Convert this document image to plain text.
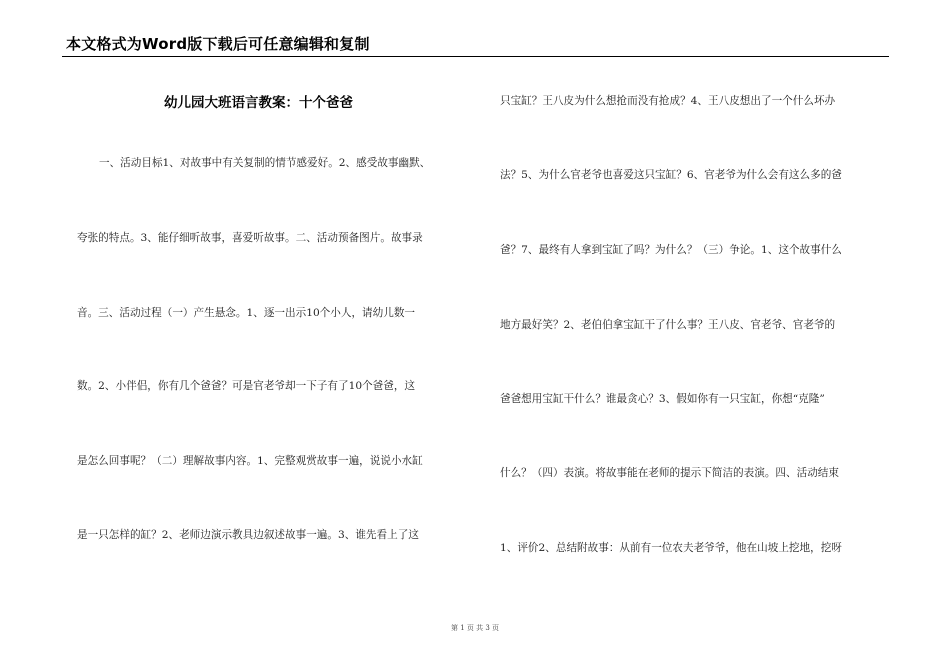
本文格式为Word版下载后可任意编辑和复制
幼儿园大班语言教案：十个爸爸
一、活动目标1、对故事中有关复制的情节感爱好。2、感受故事幽默、
夸张的特点。3、能仔细听故事，喜爱听故事。二、活动预备图片。故事录
音。三、活动过程（一）产生悬念。1、逐一出示10个小人，请幼儿数一
数。2、小伴侣，你有几个爸爸？可是官老爷却一下子有了10个爸爸，这
是怎么回事呢？（二）理解故事内容。1、完整观赏故事一遍，说说小水缸
是一只怎样的缸？2、老师边演示教具边叙述故事一遍。3、谁先看上了这
只宝缸？王八皮为什么想抢而没有抢成？4、王八皮想出了一个什么坏办
法？5、为什么官老爷也喜爱这只宝缸？6、官老爷为什么会有这么多的爸
爸？7、最终有人拿到宝缸了吗？为什么？（三）争论。1、这个故事什么
地方最好笑？2、老伯伯拿宝缸干了什么事？王八皮、官老爷、官老爷的
爸爸想用宝缸干什么？谁最贪心？3、假如你有一只宝缸，你想“克隆”
什么？（四）表演。将故事能在老师的提示下简洁的表演。四、活动结束
1、评价2、总结附故事：从前有一位农夫老爷爷，他在山坡上挖地，挖呀
第 1 页 共 3 页
